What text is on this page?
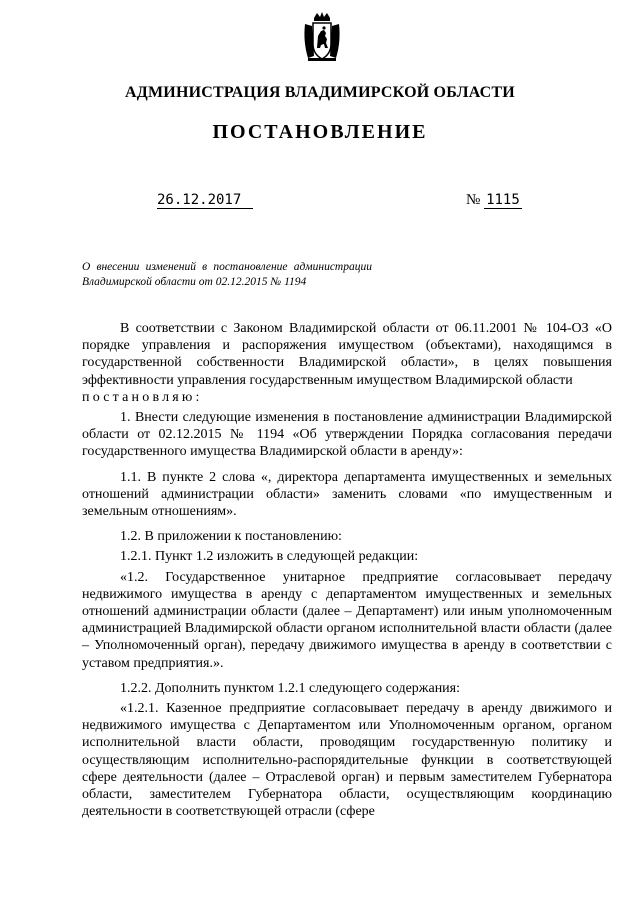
АДМИНИСТРАЦИЯ ВЛАДИМИРСКОЙ ОБЛАСТИ
ПОСТАНОВЛЕНИЕ
26.12.2017	№ 1115
О внесении изменений в постановление администрации Владимирской области от 02.12.2015 № 1194

В соответствии с Законом Владимирской области от 06.11.2001 № 104-ОЗ «О порядке управления и распоряжения имуществом (объектами), находящимся в государственной собственности Владимирской области», в целях повышения эффективности управления государственным имуществом Владимирской области
постановляю:

1. Внести следующие изменения в постановление администрации Владимирской области от 02.12.2015 № 1194 «Об утверждении Порядка согласования передачи государственного имущества Владимирской области в аренду»:

1.1. В пункте 2 слова «, директора департамента имущественных и земельных отношений администрации области» заменить словами «по имущественным и земельным отношениям».

1.2. В приложении к постановлению:

1.2.1. Пункт 1.2 изложить в следующей редакции:

«1.2. Государственное унитарное предприятие согласовывает передачу недвижимого имущества в аренду с департаментом имущественных и земельных отношений администрации области (далее – Департамент) или иным уполномоченным администрацией Владимирской области органом исполнительной власти области (далее – Уполномоченный орган), передачу движимого имущества в аренду в соответствии с уставом предприятия.».

1.2.2. Дополнить пунктом 1.2.1 следующего содержания:

«1.2.1. Казенное предприятие согласовывает передачу в аренду движимого и недвижимого имущества с Департаментом или Уполномоченным органом, органом исполнительной власти области, проводящим государственную политику и осуществляющим исполнительно-распорядительные функции в соответствующей сфере деятельности (далее – Отраслевой орган) и первым заместителем Губернатора области, заместителем Губернатора области, осуществляющим координацию деятельности в соответствующей отрасли (сфере
